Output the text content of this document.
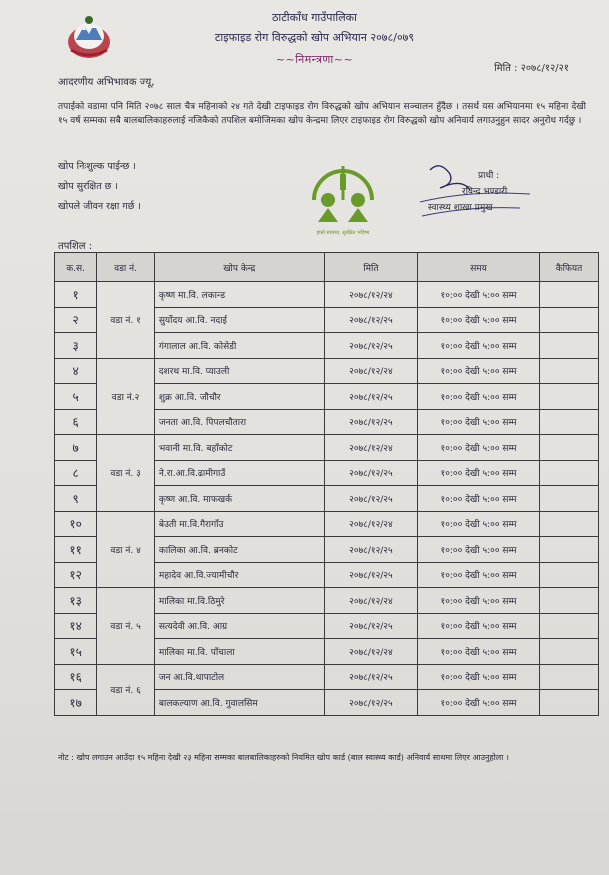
ठाटीकाँध गाउँपालिका
टाइफाइड रोग विरुद्धको खोप अभियान २०७८/०७९
~~निमन्त्रणा~~
मिति : २०७८/१२/२१
आदरणीय अभिभावक ज्यू,
तपाईको वडामा पनि मिति २०७८ साल चैत्र महिनाको २४ गते देखी टाइफाइड रोग विरुद्धको खोप अभियान सञ्चालन हुँदैछ । तसर्थ यस अभियानमा १५ महिना देखी १५ वर्ष सम्मका सबै बालबालिकाहरुलाई नजिकैको तपशिल बमोजिमका खोप केन्द्रमा लिएर टाइफाइड रोग विरुद्धको खोप अनिवार्य लगाउनुहुन सादर अनुरोध गर्दछु ।
खोप निःशुल्क पाईन्छ ।
खोप सुरक्षित छ ।
खोपले जीवन रक्षा गर्छ ।
हाम्रो स्वास्थ्य, सुरक्षित भविष्य
प्राधी :
रविन्द्र भण्डारी
स्वास्थ्य शाखा प्रमुख
तपशिल :
क.स.	वडा नं.	खोप केन्द्र	मिति	समय	कैफियत
१	वडा नं. १	कृष्ण मा.वि. लकान्ड	२०७८/१२/२४	१०:०० देखी ५:०० सम्म	
२		सुर्योदय आ.वि. नदाई	२०७८/१२/२५	१०:०० देखी ५:०० सम्म	
३		गंगालाल आ.वि. कोसेडी	२०७८/१२/२५	१०:०० देखी ५:०० सम्म	
४	वडा नं.२	दशरथ मा.वि. प्याउली	२०७८/१२/२४	१०:०० देखी ५:०० सम्म	
५		शुक्र आ.वि. जौचौर	२०७८/१२/२५	१०:०० देखी ५:०० सम्म	
६		जनता आ.वि. पिपलचौतारा	२०७८/१२/२५	१०:०० देखी ५:०० सम्म	
७	वडा नं. ३	भवानी मा.वि. बहाँकोट	२०७८/१२/२४	१०:०० देखी ५:०० सम्म	
८		ने.रा.आ.वि.ढामीगाउँ	२०७८/१२/२५	१०:०० देखी ५:०० सम्म	
९		कृष्ण आ.वि. माफखर्क	२०७८/१२/२५	१०:०० देखी ५:०० सम्म	
१०	वडा नं. ४	बेउती मा.वि.गैरागाँउ	२०७८/१२/२४	१०:०० देखी ५:०० सम्म	
११		कालिका आ.वि. ब्रनकोट	२०७८/१२/२५	१०:०० देखी ५:०० सम्म	
१२		महादेव आ.वि.ज्यामीचौर	२०७८/१२/२५	१०:०० देखी ५:०० सम्म	
१३	वडा नं. ५	मालिका मा.वि.ठिमुरे	२०७८/१२/२४	१०:०० देखी ५:०० सम्म	
१४		सत्यदेवी आ.वि. आग्र	२०७८/१२/२५	१०:०० देखी ५:०० सम्म	
१५		मालिका मा.वि. पाँचाला	२०७८/१२/२४	१०:०० देखी ५:०० सम्म	
१६	वडा नं. ६	जन आ.वि.थापाटोल	२०७८/१२/२५	१०:०० देखी ५:०० सम्म	
१७		बालकल्याण आ.वि. गुवालसिम	२०७८/१२/२५	१०:०० देखी ५:०० सम्म	
नोट : खोप लगाउन आउँदा १५ महिना देखी २३ महिना सम्मका बालबालिकाहरुको नियमित खोप कार्ड (बाल स्वास्थ्य कार्ड) अनिवार्य साथमा लिएर आउनुहोला ।
